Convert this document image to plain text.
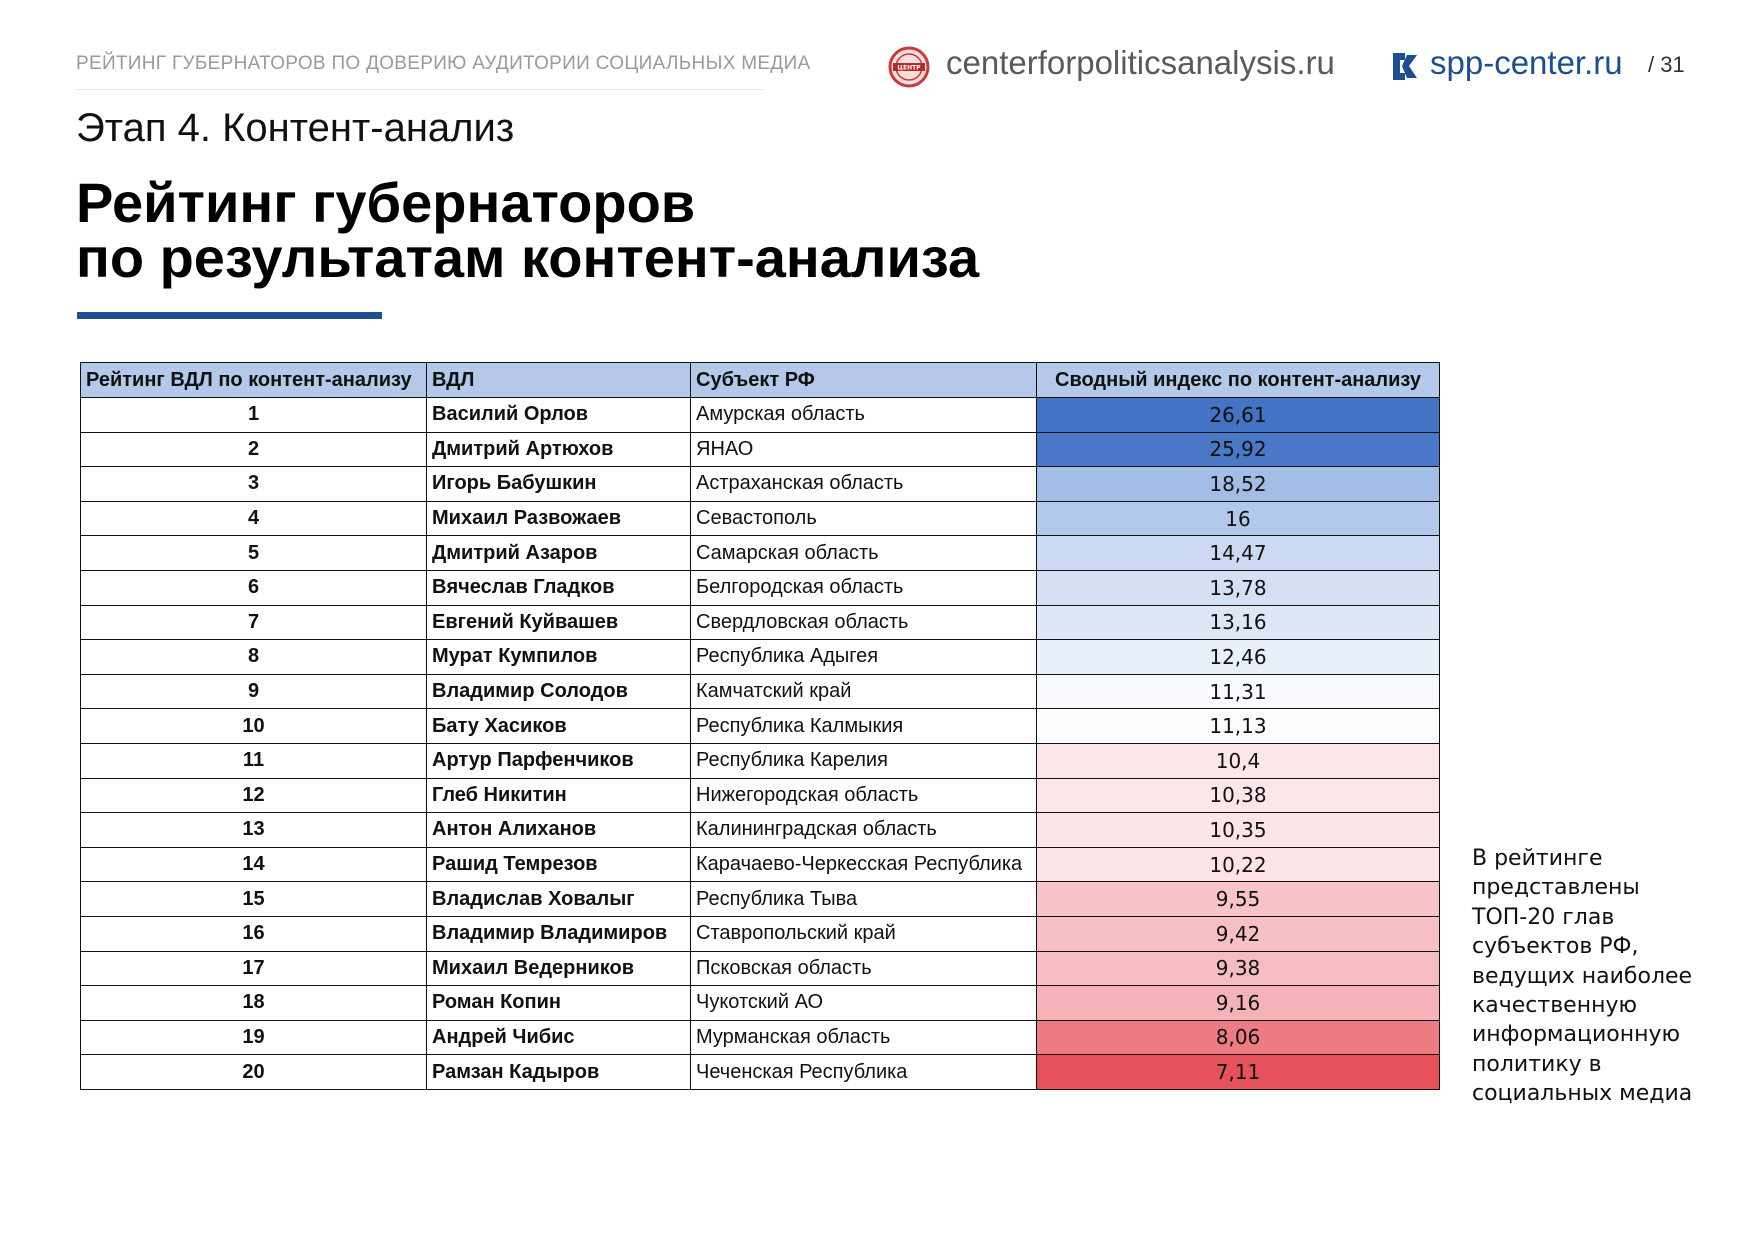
РЕЙТИНГ ГУБЕРНАТОРОВ ПО ДОВЕРИЮ АУДИТОРИИ СОЦИАЛЬНЫХ МЕДИА	ЦЕНТР centerforpoliticsanalysis.ru	spp-center.ru / 31
Этап 4. Контент-анализ
Рейтинг губернаторов
по результатам контент-анализа
Рейтинг ВДЛ по контент-анализу	ВДЛ	Субъект РФ	Сводный индекс по контент-анализу
1	Василий Орлов	Амурская область	26,61
2	Дмитрий Артюхов	ЯНАО	25,92
3	Игорь Бабушкин	Астраханская область	18,52
4	Михаил Развожаев	Севастополь	16
5	Дмитрий Азаров	Самарская область	14,47
6	Вячеслав Гладков	Белгородская область	13,78
7	Евгений Куйвашев	Свердловская область	13,16
8	Мурат Кумпилов	Республика Адыгея	12,46
9	Владимир Солодов	Камчатский край	11,31
10	Бату Хасиков	Республика Калмыкия	11,13
11	Артур Парфенчиков	Республика Карелия	10,4
12	Глеб Никитин	Нижегородская область	10,38
13	Антон Алиханов	Калининградская область	10,35
14	Рашид Темрезов	Карачаево-Черкесская Республика	10,22
15	Владислав Ховалыг	Республика Тыва	9,55
16	Владимир Владимиров	Ставропольский край	9,42
17	Михаил Ведерников	Псковская область	9,38
18	Роман Копин	Чукотский АО	9,16
19	Андрей Чибис	Мурманская область	8,06
20	Рамзан Кадыров	Чеченская Республика	7,11
В рейтинге представлены ТОП-20 глав субъектов РФ, ведущих наиболее качественную информационную политику в социальных медиа
